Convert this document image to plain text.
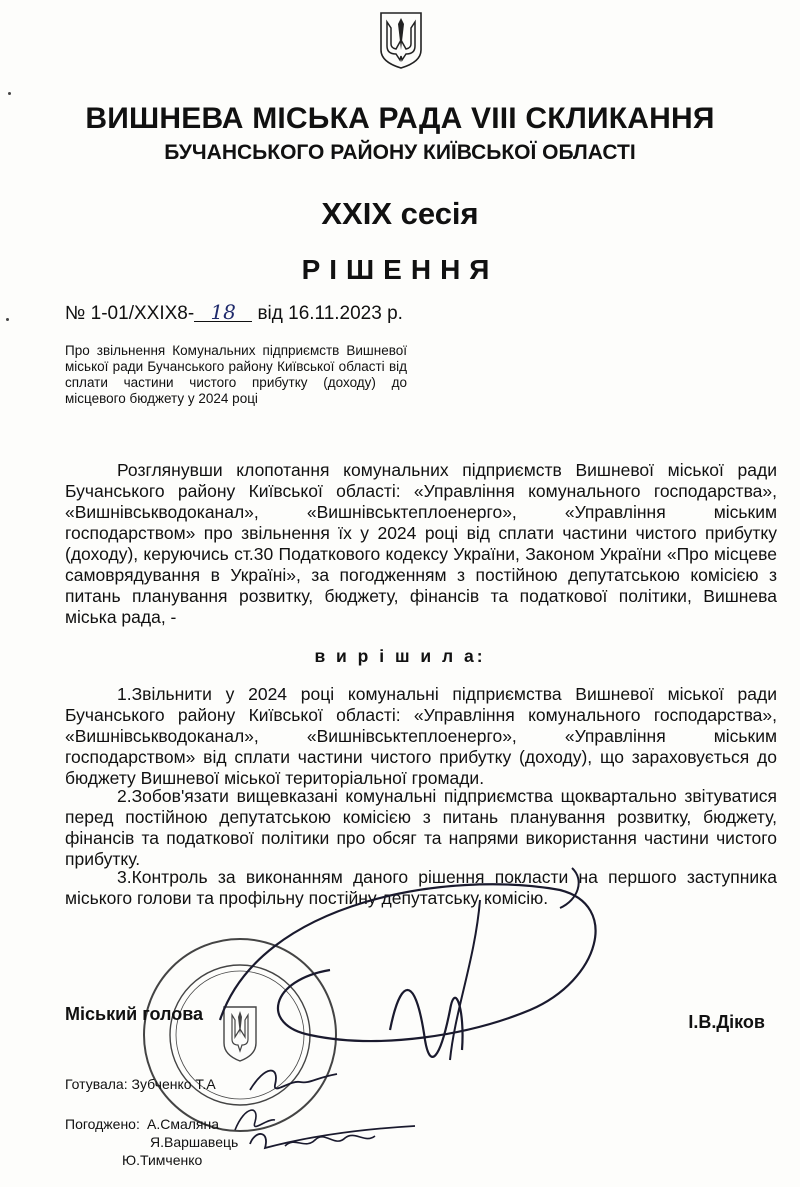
ВИШНЕВА МІСЬКА РАДА VIII СКЛИКАННЯ
БУЧАНСЬКОГО РАЙОНУ КИЇВСЬКОЇ ОБЛАСТІ
XXIX сесія
РІШЕННЯ
№ 1-01/XXIX8- 18 від 16.11.2023 р.
Про звільнення Комунальних підприємств Вишневої міської ради Бучанського району Київської області від сплати частини чистого прибутку (доходу) до місцевого бюджету у 2024 році
Розглянувши клопотання комунальних підприємств Вишневої міської ради Бучанського району Київської області: «Управління комунального господарства», «Вишнівськводоканал», «Вишнівськтеплоенерго», «Управління міським господарством» про звільнення їх у 2024 році від сплати частини чистого прибутку (доходу), керуючись ст.30 Податкового кодексу України, Законом України «Про місцеве самоврядування в Україні», за погодженням з постійною депутатською комісією з питань планування розвитку, бюджету, фінансів та податкової політики, Вишнева міська рада, -
в и р і ш и л а:
1.Звільнити у 2024 році комунальні підприємства Вишневої міської ради Бучанського району Київської області: «Управління комунального господарства», «Вишнівськводоканал», «Вишнівськтеплоенерго», «Управління міським господарством» від сплати частини чистого прибутку (доходу), що зараховується до бюджету Вишневої міської територіальної громади.
2.Зобов'язати вищевказані комунальні підприємства щоквартально звітуватися перед постійною депутатською комісією з питань планування розвитку, бюджету, фінансів та податкової політики про обсяг та напрями використання частини чистого прибутку.
3.Контроль за виконанням даного рішення покласти на першого заступника міського голови та профільну постійну депутатську комісію.
Міський голова	І.В.Діков
Готувала: Зубченко Т.А
Погоджено: А.Смаляна
Я.Варшавець
Ю.Тимченко
